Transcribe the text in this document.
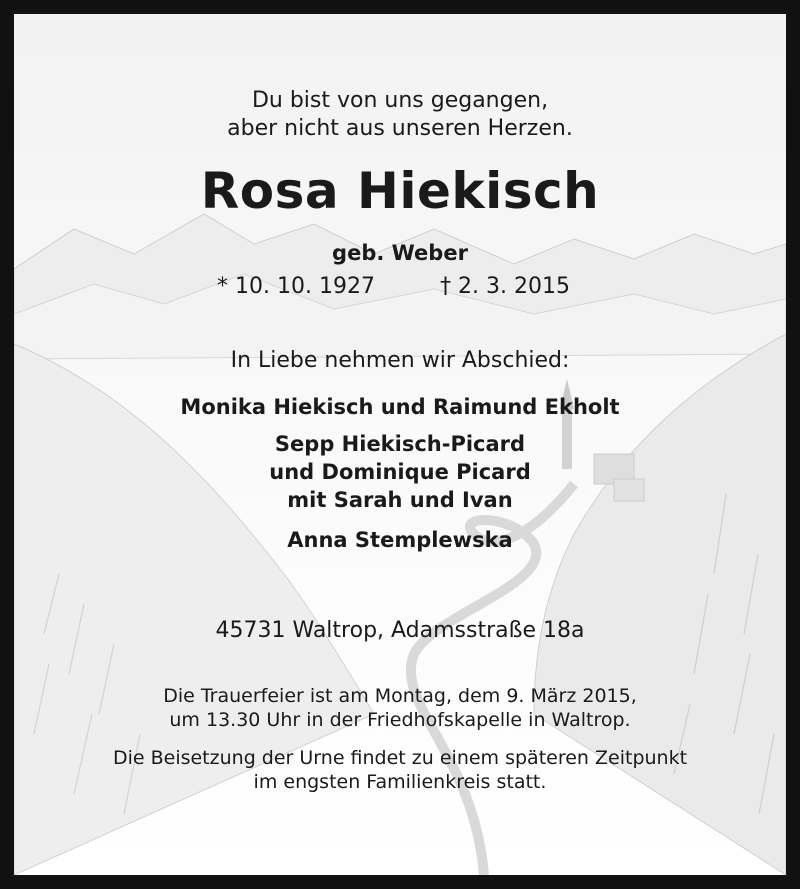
Du bist von uns gegangen,
aber nicht aus unseren Herzen.
Rosa Hiekisch
geb. Weber
* 10. 10. 1927	† 2. 3. 2015
In Liebe nehmen wir Abschied:
Monika Hiekisch und Raimund Ekholt
Sepp Hiekisch-Picard
und Dominique Picard
mit Sarah und Ivan
Anna Stemplewska
45731 Waltrop, Adamsstraße 18a
Die Trauerfeier ist am Montag, dem 9. März 2015,
um 13.30 Uhr in der Friedhofskapelle in Waltrop.
Die Beisetzung der Urne findet zu einem späteren Zeitpunkt
im engsten Familienkreis statt.
